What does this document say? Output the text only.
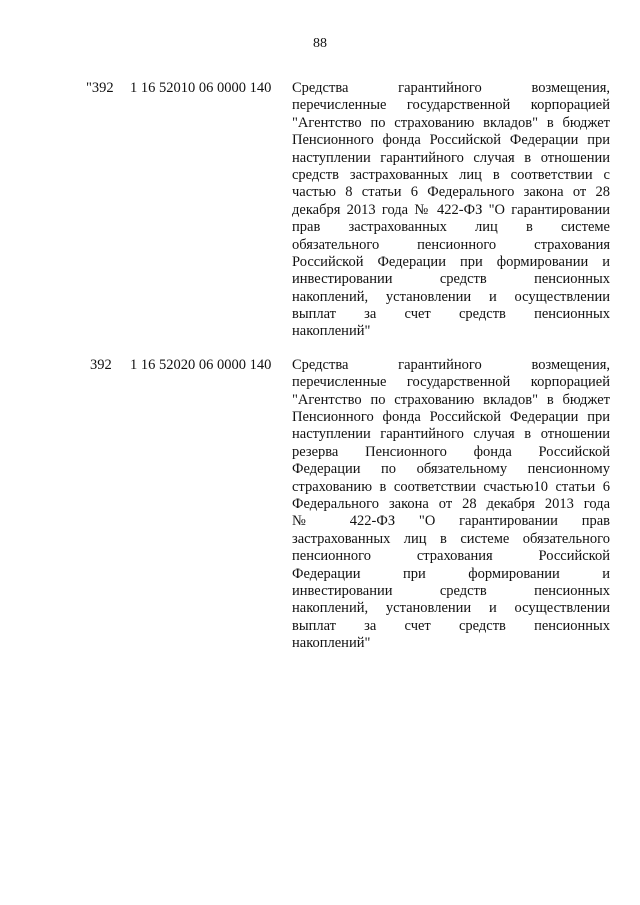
88
"392 1 16 52010 06 0000 140 Средства гарантийного возмещения,
перечисленные государственной корпорацией
"Агентство по страхованию вкладов" в бюджет
Пенсионного фонда Российской Федерации при
наступлении гарантийного случая в отношении
средств застрахованных лиц в соответствии с
частью 8 статьи 6 Федерального закона от 28
декабря 2013 года № 422-ФЗ "О гарантировании
прав застрахованных лиц в системе
обязательного пенсионного страхования
Российской Федерации при формировании и
инвестировании средств пенсионных
накоплений, установлении и осуществлении
выплат за счет средств пенсионных
накоплений"
392 1 16 52020 06 0000 140 Средства гарантийного возмещения,
перечисленные государственной корпорацией
"Агентство по страхованию вкладов" в бюджет
Пенсионного фонда Российской Федерации при
наступлении гарантийного случая в отношении
резерва Пенсионного фонда Российской
Федерации по обязательному пенсионному
страхованию в соответствии счастью10 статьи 6
Федерального закона от 28 декабря 2013 года
№ 422-ФЗ "О гарантировании прав
застрахованных лиц в системе обязательного
пенсионного страхования Российской
Федерации при формировании и
инвестировании средств пенсионных
накоплений, установлении и осуществлении
выплат за счет средств пенсионных
накоплений"
